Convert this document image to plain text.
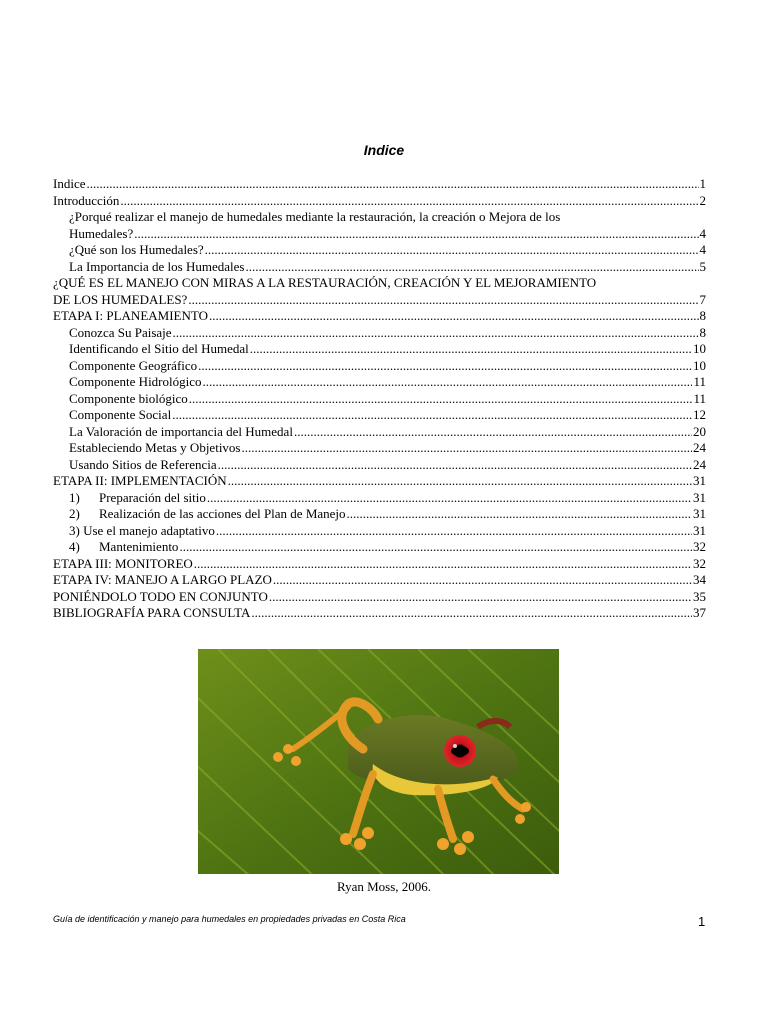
Indice
Indice .....	1
Introducción .....	2
¿Porqué realizar el manejo de humedales mediante la restauración, la creación o Mejora de los
Humedales? .....	4
¿Qué son los Humedales? .....	4
La Importancia de los Humedales .....	5
¿QUÉ ES EL MANEJO CON MIRAS A LA RESTAURACIÓN, CREACIÓN Y EL MEJORAMIENTO
DE LOS HUMEDALES? .....	7
ETAPA I: PLANEAMIENTO .....	8
Conozca Su Paisaje .....	8
Identificando el Sitio del Humedal .....	10
Componente Geográfico .....	10
Componente Hidrológico .....	11
Componente biológico .....	11
Componente Social .....	12
La Valoración de importancia del Humedal .....	20
Estableciendo Metas y Objetivos .....	24
Usando Sitios de Referencia .....	24
ETAPA II: IMPLEMENTACIÓN .....	31
1)	Preparación del sitio .....	31
2)	Realización de las acciones del Plan de Manejo .....	31
3) Use el manejo adaptativo .....	31
4)	Mantenimiento .....	32
ETAPA III: MONITOREO .....	32
ETAPA IV: MANEJO A LARGO PLAZO .....	34
PONIÉNDOLO TODO EN CONJUNTO .....	35
BIBLIOGRAFÍA PARA CONSULTA .....	37
Ryan Moss, 2006.
Guía de identificación y manejo para humedales en propiedades privadas en Costa Rica	1
